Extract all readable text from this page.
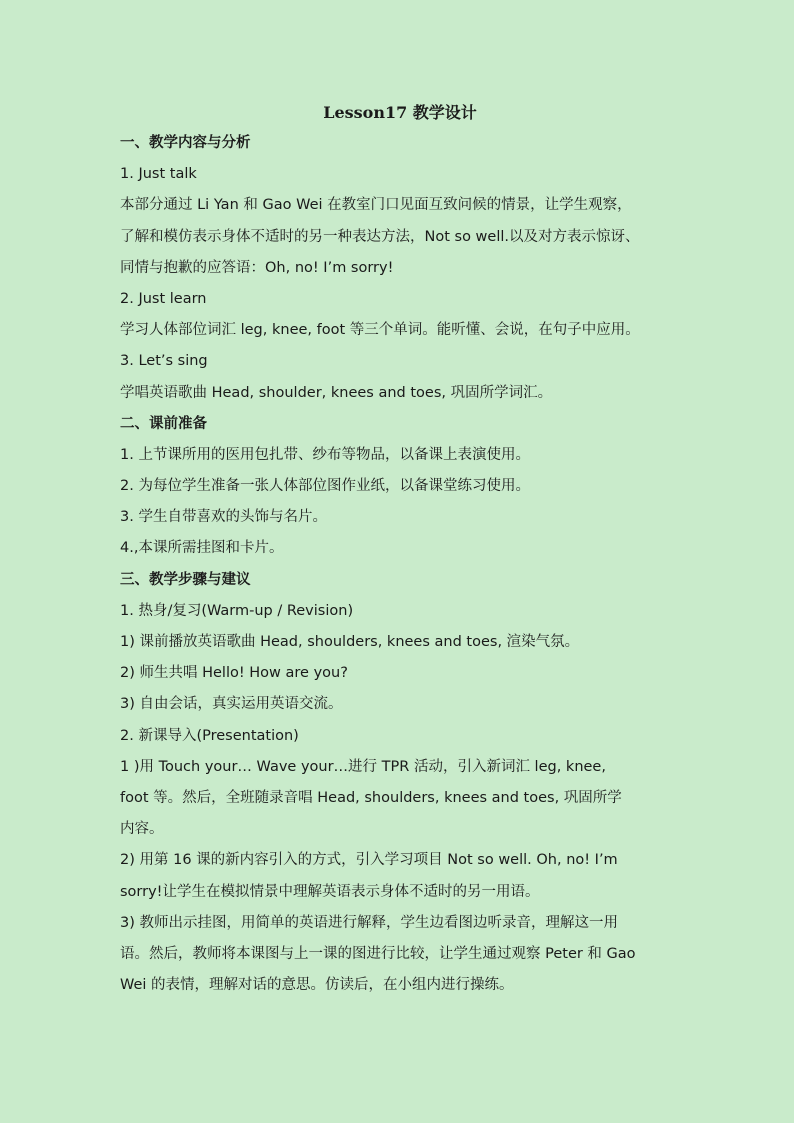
Lesson17 教学设计

一、教学内容与分析

1. Just talk

本部分通过 Li Yan 和 Gao Wei 在教室门口见面互致问候的情景，让学生观察，

了解和模仿表示身体不适时的另一种表达方法，Not so well.以及对方表示惊讶、

同情与抱歉的应答语：Oh, no! I’m sorry!

2. Just learn

学习人体部位词汇 leg, knee, foot 等三个单词。能听懂、会说，在句子中应用。

3. Let’s sing

学唱英语歌曲 Head, shoulder, knees and toes, 巩固所学词汇。

二、课前准备

1. 上节课所用的医用包扎带、纱布等物品，以备课上表演使用。

2. 为每位学生准备一张人体部位图作业纸，以备课堂练习使用。

3. 学生自带喜欢的头饰与名片。

4.,本课所需挂图和卡片。

三、教学步骤与建议

1. 热身/复习(Warm-up / Revision)

1) 课前播放英语歌曲 Head, shoulders, knees and toes, 渲染气氛。

2) 师生共唱 Hello! How are you?

3) 自由会话，真实运用英语交流。

2. 新课导入(Presentation)

1 )用 Touch your… Wave your…进行 TPR 活动，引入新词汇 leg, knee,

foot 等。然后，全班随录音唱 Head, shoulders, knees and toes, 巩固所学

内容。

2) 用第 16 课的新内容引入的方式，引入学习项目 Not so well. Oh, no! I’m

sorry!让学生在模拟情景中理解英语表示身体不适时的另一用语。

3) 教师出示挂图，用简单的英语进行解释，学生边看图边听录音，理解这一用

语。然后，教师将本课图与上一课的图进行比较，让学生通过观察 Peter 和 Gao

Wei 的表情，理解对话的意思。仿读后，在小组内进行操练。
